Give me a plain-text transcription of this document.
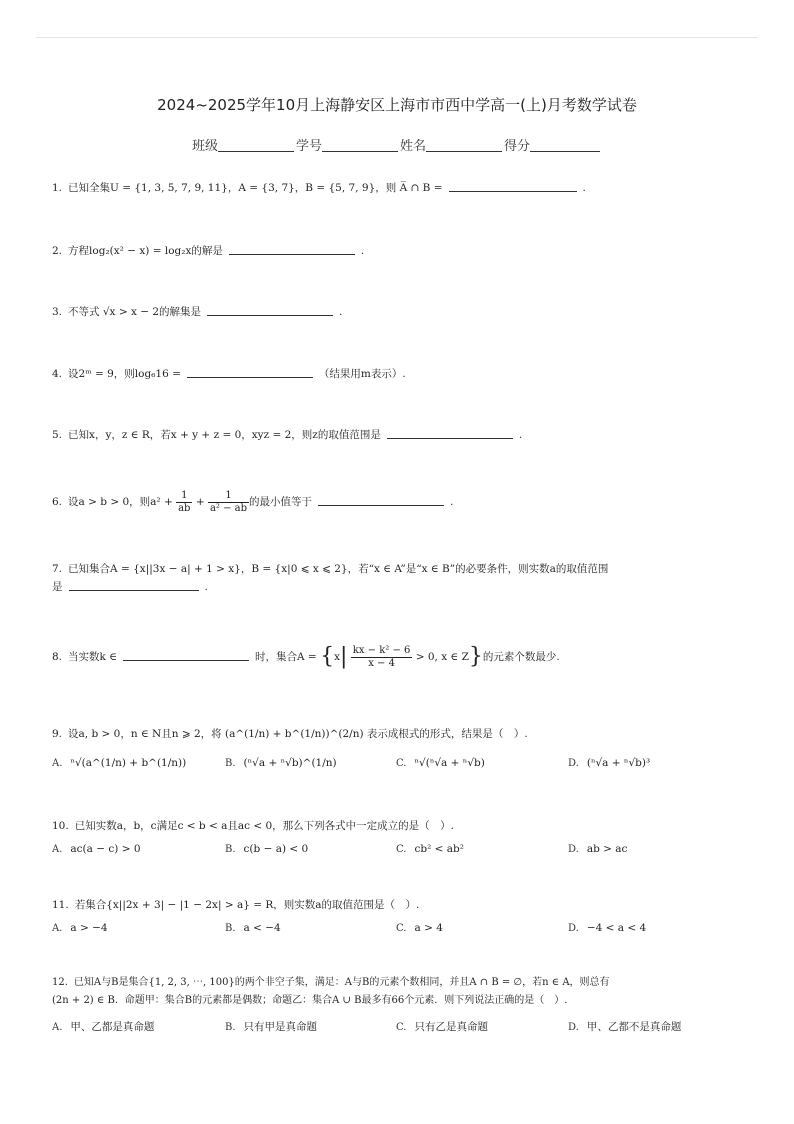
2024~2025学年10月上海静安区上海市市西中学高一(上)月考数学试卷
班级	学号	姓名	得分
1. 已知全集U = {1, 3, 5, 7, 9, 11}，A = {3, 7}，B = {5, 7, 9}，则 A̅ ∩ B =	.
2. 方程log₂(x² − x) = log₂x的解是	.
3. 不等式 √x > x − 2的解集是	.
4. 设2ᵐ = 9，则log₆16 =	（结果用m表示）.
5. 已知x，y，z ∈ R，若x + y + z = 0，xyz = 2，则z的取值范围是	.
6. 设a > b > 0，则$a^2 + \frac{1}{ab} + \frac{1}{\text{a² − ab}}$ 的最小值等于	.
7. 已知集合A = {x||3x − a| + 1 > x}，B = {x|0 ⩽ x ⩽ 2}，若“x ∈ A”是“x ∈ B”的必要条件，则实数a的取值范围
是	.
8. 当实数k ∈	时，集合$A = \{x| \frac{\text{kx − k² − 6}}{x - 4} > 0$, x ∈ Z}的元素个数最少.
9. 设a, b > 0，n ∈ N且n ⩾ 2，将 (a^(1/n) + b^(1/n))^(2/n) 表示成根式的形式，结果是（　）.
A. ⁿ√(a^(1/n) + b^(1/n))	B. (ⁿ√a + ⁿ√b)^(1/n)	C. ⁿ√(ⁿ√a + ⁿ√b)	D. (ⁿ√a + ⁿ√b)³
10. 已知实数a，b，c满足c < b < a且ac < 0，那么下列各式中一定成立的是（　）.
A. ac(a − c) > 0	B. c(b − a) < 0	C. cb² < ab²	D. ab > ac
11. 若集合{x||2x + 3| − |1 − 2x| > a} = R，则实数a的取值范围是（　）.
A. a > −4	B. a < −4	C. a > 4	D. −4 < a < 4
12. 已知A与B是集合{1, 2, 3, ⋯, 100}的两个非空子集，满足：A与B的元素个数相同，并且A ∩ B = ∅，若n ∈ A，则总有
(2n + 2) ∈ B．命题甲：集合B的元素都是偶数；命题乙：集合A ∪ B最多有66个元素．则下列说法正确的是（　）.
A. 甲、乙都是真命题	B. 只有甲是真命题	C. 只有乙是真命题	D. 甲、乙都不是真命题
